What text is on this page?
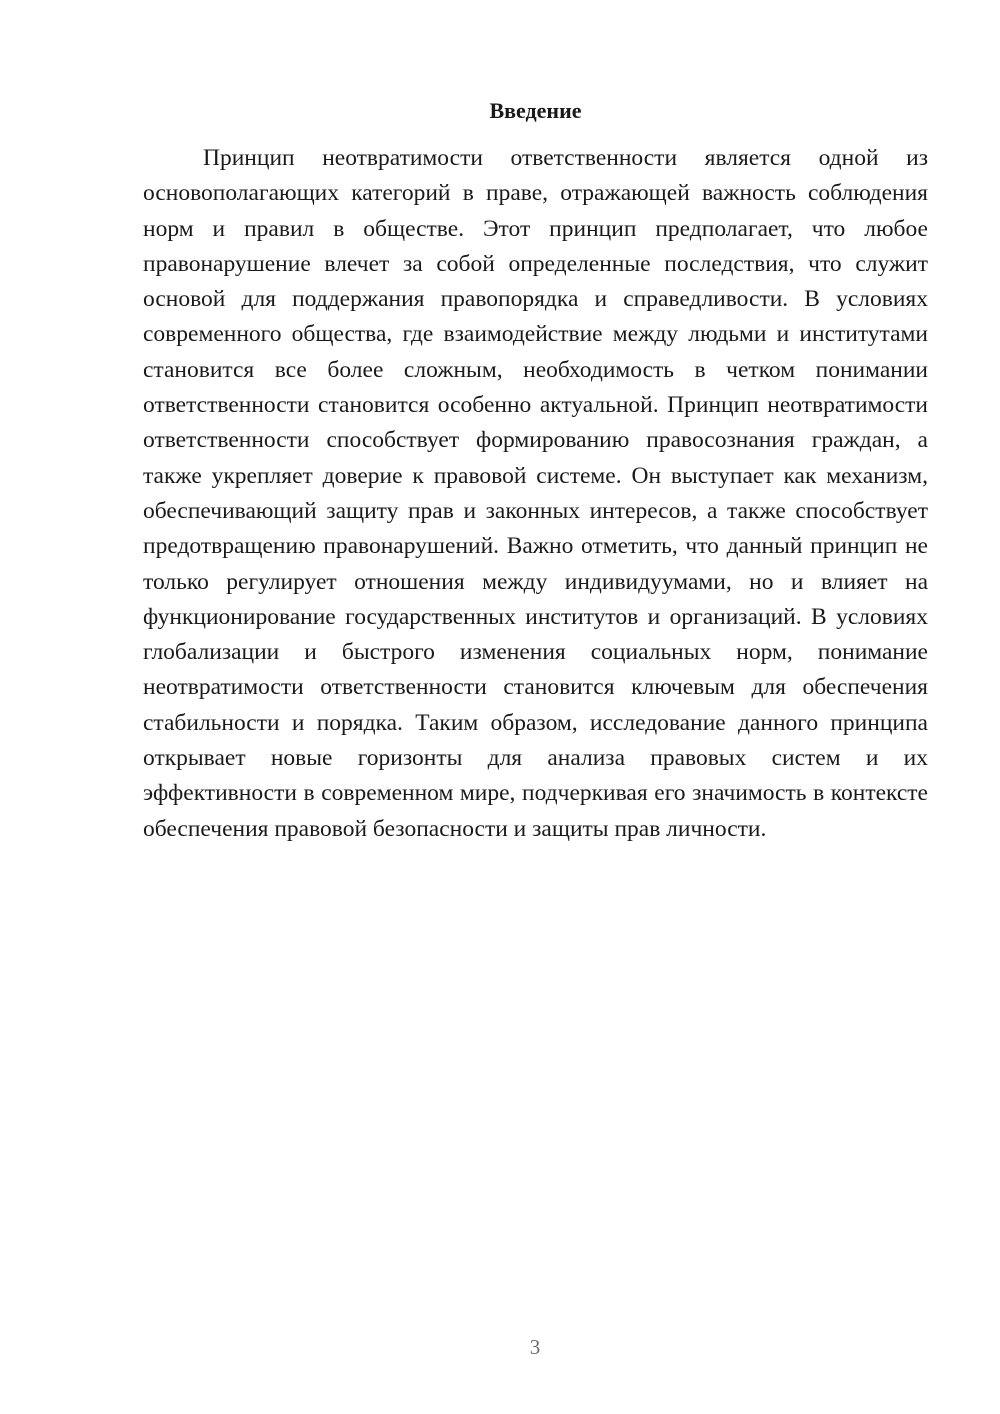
Введение

Принцип неотвратимости ответственности является одной из основополагающих категорий в праве, отражающей важность соблюдения норм и правил в обществе. Этот принцип предполагает, что любое правонарушение влечет за собой определенные последствия, что служит основой для поддержания правопорядка и справедливости. В условиях современного общества, где взаимодействие между людьми и институтами становится все более сложным, необходимость в четком понимании ответственности становится особенно актуальной. Принцип неотвратимости ответственности способствует формированию правосознания граждан, а также укрепляет доверие к правовой системе. Он выступает как механизм, обеспечивающий защиту прав и законных интересов, а также способствует предотвращению правонарушений. Важно отметить, что данный принцип не только регулирует отношения между индивидуумами, но и влияет на функционирование государственных институтов и организаций. В условиях глобализации и быстрого изменения социальных норм, понимание неотвратимости ответственности становится ключевым для обеспечения стабильности и порядка. Таким образом, исследование данного принципа открывает новые горизонты для анализа правовых систем и их эффективности в современном мире, подчеркивая его значимость в контексте обеспечения правовой безопасности и защиты прав личности.

3
